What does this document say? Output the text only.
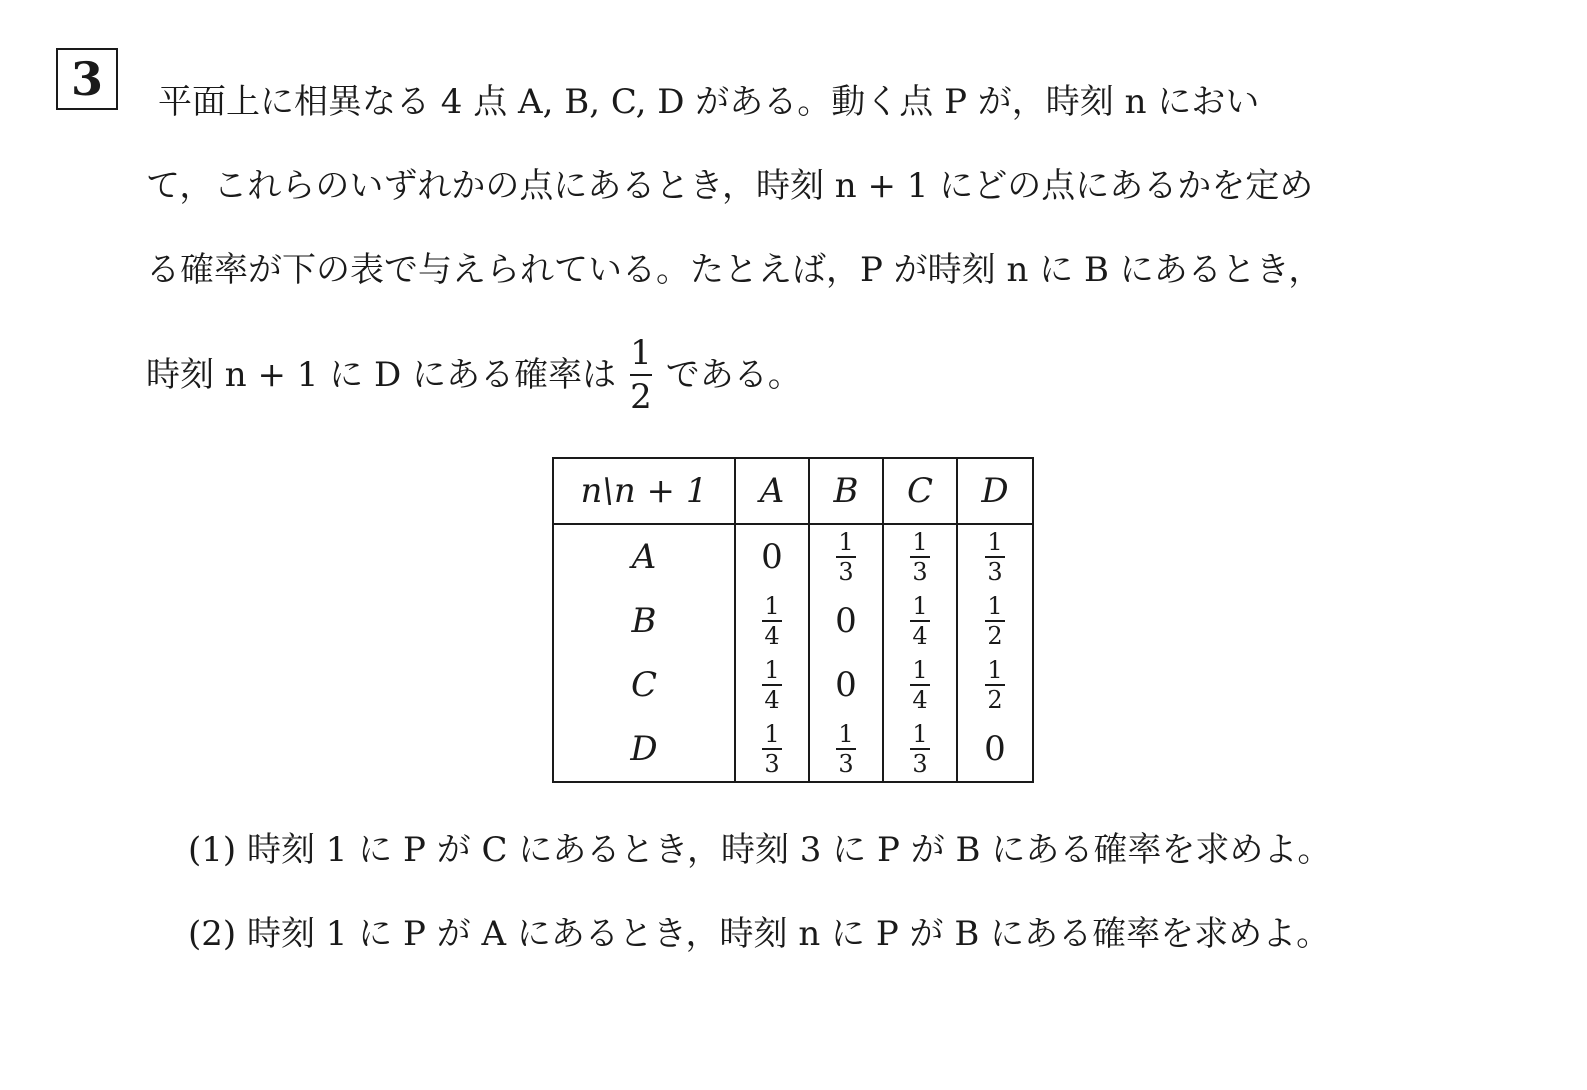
3	平面上に相異なる 4 点 A, B, C, D がある。動く点 P が，時刻 n におい
て，これらのいずれかの点にあるとき，時刻 n + 1 にどの点にあるかを定め
る確率が下の表で与えられている。たとえば，P が時刻 n に B にあるとき，
時刻 n + 1 に D にある確率は $\frac{1}{2}$ である。
n\n + 1	A	B	C	D
A	0	$\frac{1}{3}$	$\frac{1}{3}$	$\frac{1}{3}$

B	$\frac{1}{4}$	0	$\frac{1}{4}$	$\frac{1}{2}$

C	$\frac{1}{4}$	0	$\frac{1}{4}$	$\frac{1}{2}$

D	$\frac{1}{3}$	$\frac{1}{3}$	$\frac{1}{3}$	0
(1) 時刻 1 に P が C にあるとき，時刻 3 に P が B にある確率を求めよ。
(2) 時刻 1 に P が A にあるとき，時刻 n に P が B にある確率を求めよ。
